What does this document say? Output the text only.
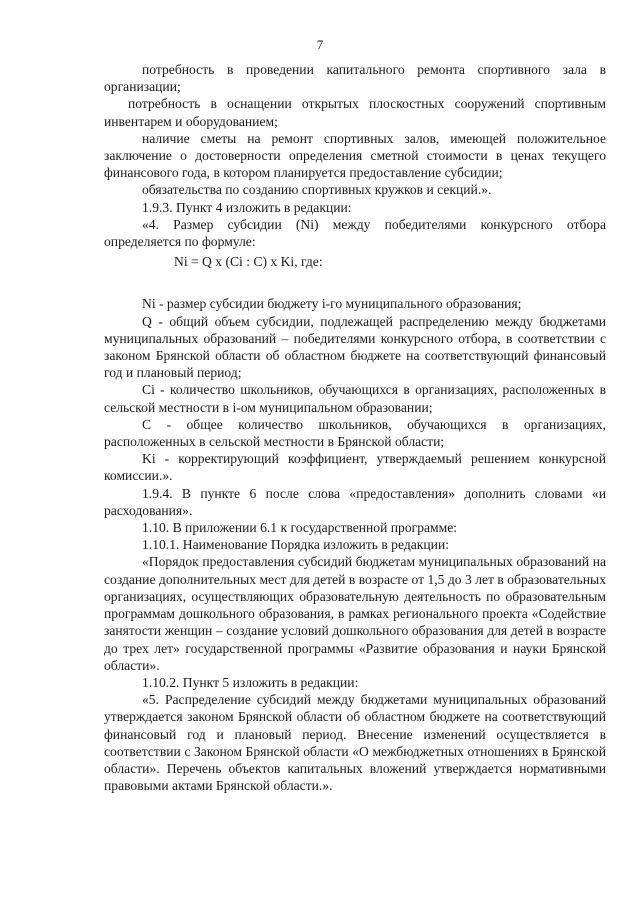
7

потребность в проведении капитального ремонта спортивного зала в организации;

потребность в оснащении открытых плоскостных сооружений спортивным инвентарем и оборудованием;

наличие сметы на ремонт спортивных залов, имеющей положительное заключение о достоверности определения сметной стоимости в ценах текущего финансового года, в котором планируется предоставление субсидии;

обязательства по созданию спортивных кружков и секций.».

1.9.3. Пункт 4 изложить в редакции:

«4. Размер субсидии (Ni) между победителями конкурсного отбора определяется по формуле:

Ni = Q x (Ci : C) x Ki, где:

Ni - размер субсидии бюджету i-го муниципального образования;

Q - общий объем субсидии, подлежащей распределению между бюджетами муниципальных образований – победителями конкурсного отбора, в соответствии с законом Брянской области об областном бюджете на соответствующий финансовый год и плановый период;

Ci - количество школьников, обучающихся в организациях, расположенных в сельской местности в i-ом муниципальном образовании;

C - общее количество школьников, обучающихся в организациях, расположенных в сельской местности в Брянской области;

Ki - корректирующий коэффициент, утверждаемый решением конкурсной комиссии.».

1.9.4. В пункте 6 после слова «предоставления» дополнить словами «и расходования».

1.10. В приложении 6.1 к государственной программе:

1.10.1. Наименование Порядка изложить в редакции:

«Порядок предоставления субсидий бюджетам муниципальных образований на создание дополнительных мест для детей в возрасте от 1,5 до 3 лет в образовательных организациях, осуществляющих образовательную деятельность по образовательным программам дошкольного образования, в рамках регионального проекта «Содействие занятости женщин – создание условий дошкольного образования для детей в возрасте до трех лет» государственной программы «Развитие образования и науки Брянской области».

1.10.2. Пункт 5 изложить в редакции:

«5. Распределение субсидий между бюджетами муниципальных образований утверждается законом Брянской области об областном бюджете на соответствующий финансовый год и плановый период. Внесение изменений осуществляется в соответствии с Законом Брянской области «О межбюджетных отношениях в Брянской области». Перечень объектов капитальных вложений утверждается нормативными правовыми актами Брянской области.».
